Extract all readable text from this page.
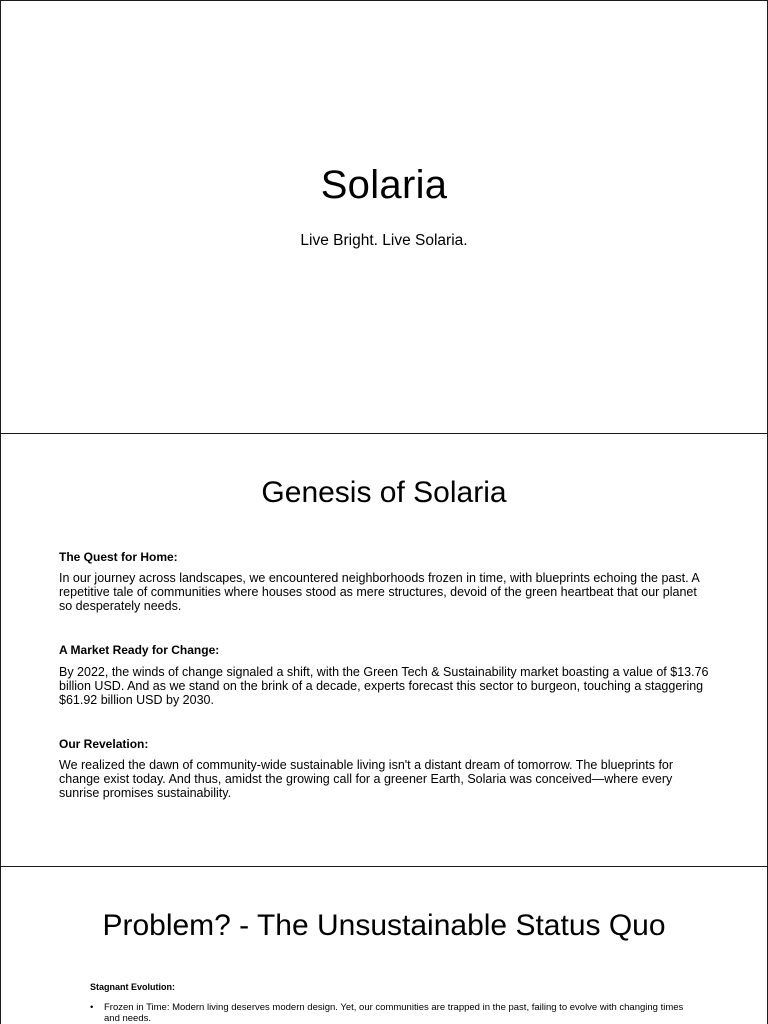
Solaria
Live Bright. Live Solaria.
Genesis of Solaria
The Quest for Home:
In our journey across landscapes, we encountered neighborhoods frozen in time, with blueprints echoing the past. A repetitive tale of communities where houses stood as mere structures, devoid of the green heartbeat that our planet so desperately needs.
A Market Ready for Change:
By 2022, the winds of change signaled a shift, with the Green Tech & Sustainability market boasting a value of $13.76 billion USD. And as we stand on the brink of a decade, experts forecast this sector to burgeon, touching a staggering $61.92 billion USD by 2030.
Our Revelation:
We realized the dawn of community-wide sustainable living isn't a distant dream of tomorrow. The blueprints for change exist today. And thus, amidst the growing call for a greener Earth, Solaria was conceived—where every sunrise promises sustainability.
Problem? - The Unsustainable Status Quo
Stagnant Evolution:
•	Frozen in Time: Modern living deserves modern design. Yet, our communities are trapped in the past, failing to evolve with changing times and needs.
